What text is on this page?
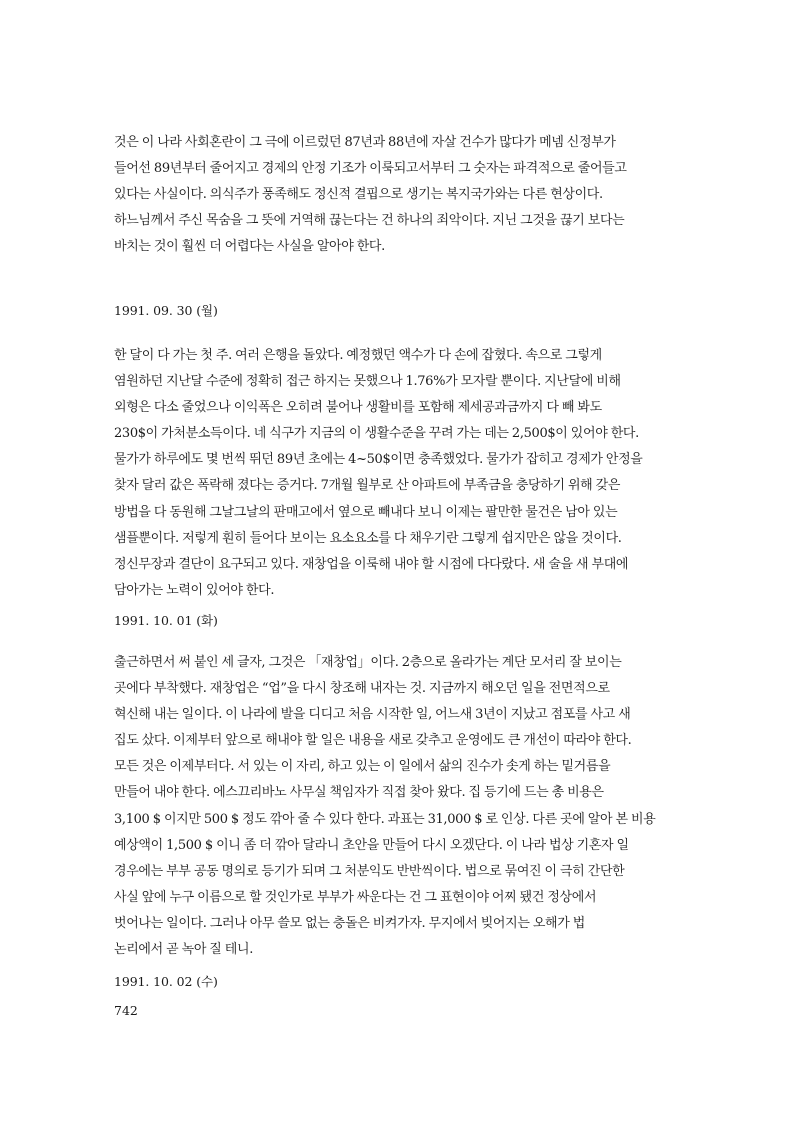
것은 이 나라 사회혼란이 그 극에 이르렀던 87년과 88년에 자살 건수가 많다가 메넴 신정부가
들어선 89년부터 줄어지고 경제의 안정 기조가 이룩되고서부터 그 숫자는 파격적으로 줄어들고
있다는 사실이다. 의식주가 풍족해도 정신적 결핍으로 생기는 복지국가와는 다른 현상이다.
하느님께서 주신 목숨을 그 뜻에 거역해 끊는다는 건 하나의 죄악이다. 지닌 그것을 끊기 보다는
바치는 것이 훨씬 더 어렵다는 사실을 알아야 한다.

1991. 09. 30 (월)

한 달이 다 가는 첫 주. 여러 은행을 돌았다. 예정했던 액수가 다 손에 잡혔다. 속으로 그렇게
염원하던 지난달 수준에 정확히 접근 하지는 못했으나 1.76%가 모자랄 뿐이다. 지난달에 비해
외형은 다소 줄었으나 이익폭은 오히려 불어나 생활비를 포함해 제세공과금까지 다 빼 봐도
230$이 가처분소득이다. 네 식구가 지금의 이 생활수준을 꾸려 가는 데는 2,500$이 있어야 한다.
물가가 하루에도 몇 번씩 뛰던 89년 초에는 4~50$이면 충족했었다. 물가가 잡히고 경제가 안정을
찾자 달러 값은 폭락해 졌다는 증거다. 7개월 월부로 산 아파트에 부족금을 충당하기 위해 갖은
방법을 다 동원해 그날그날의 판매고에서 옆으로 빼내다 보니 이제는 팔만한 물건은 남아 있는
샘플뿐이다. 저렇게 훤히 들어다 보이는 요소요소를 다 채우기란 그렇게 쉽지만은 않을 것이다.
정신무장과 결단이 요구되고 있다. 재창업을 이룩해 내야 할 시점에 다다랐다. 새 술을 새 부대에
담아가는 노력이 있어야 한다.

1991. 10. 01 (화)

출근하면서 써 붙인 세 글자, 그것은 「재창업」이다. 2층으로 올라가는 계단 모서리 잘 보이는
곳에다 부착했다. 재창업은 “업”을 다시 창조해 내자는 것. 지금까지 해오던 일을 전면적으로
혁신해 내는 일이다. 이 나라에 발을 디디고 처음 시작한 일, 어느새 3년이 지났고 점포를 사고 새
집도 샀다. 이제부터 앞으로 해내야 할 일은 내용을 새로 갖추고 운영에도 큰 개선이 따라야 한다.
모든 것은 이제부터다. 서 있는 이 자리, 하고 있는 이 일에서 삶의 진수가 솟게 하는 밑거름을
만들어 내야 한다. 에스끄리바노 사무실 책임자가 직접 찾아 왔다. 집 등기에 드는 총 비용은
3,100 $ 이지만 500 $ 정도 깎아 줄 수 있다 한다. 과표는 31,000 $ 로 인상. 다른 곳에 알아 본 비용
예상액이 1,500 $ 이니 좀 더 깎아 달라니 초안을 만들어 다시 오겠단다. 이 나라 법상 기혼자 일
경우에는 부부 공동 명의로 등기가 되며 그 처분익도 반반씩이다. 법으로 묶여진 이 극히 간단한
사실 앞에 누구 이름으로 할 것인가로 부부가 싸운다는 건 그 표현이야 어찌 됐건 정상에서
벗어나는 일이다. 그러나 아무 쓸모 없는 충돌은 비켜가자. 무지에서 빚어지는 오해가 법
논리에서 곧 녹아 질 테니.

1991. 10. 02 (수)

742
